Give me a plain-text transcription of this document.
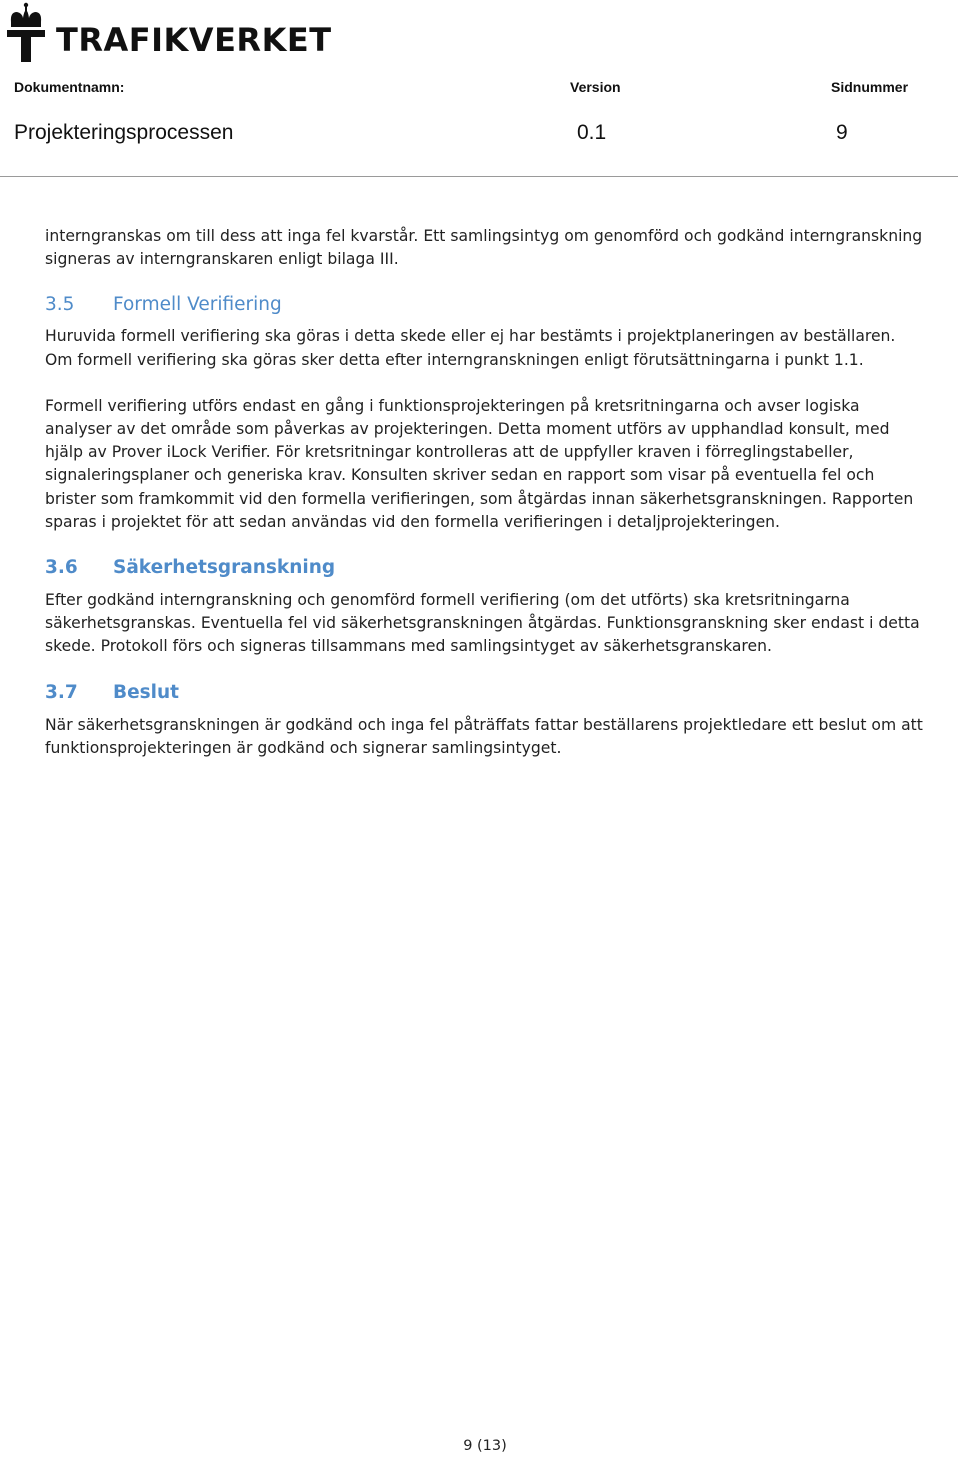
TRAFIKVERKET
Dokumentnamn:	Version	Sidnummer
Projekteringsprocessen	0.1	9

interngranskas om till dess att inga fel kvarstår. Ett samlingsintyg om genomförd och godkänd interngranskning signeras av interngranskaren enligt bilaga III.

3.5	Formell Verifiering

Huruvida formell verifiering ska göras i detta skede eller ej har bestämts i projektplaneringen av beställaren. Om formell verifiering ska göras sker detta efter interngranskningen enligt förutsättningarna i punkt 1.1.

Formell verifiering utförs endast en gång i funktionsprojekteringen på kretsritningarna och avser logiska analyser av det område som påverkas av projekteringen. Detta moment utförs av upphandlad konsult, med hjälp av Prover iLock Verifier. För kretsritningar kontrolleras att de uppfyller kraven i förreglingstabeller, signaleringsplaner och generiska krav. Konsulten skriver sedan en rapport som visar på eventuella fel och brister som framkommit vid den formella verifieringen, som åtgärdas innan säkerhetsgranskningen. Rapporten sparas i projektet för att sedan användas vid den formella verifieringen i detaljprojekteringen.

3.6	Säkerhetsgranskning

Efter godkänd interngranskning och genomförd formell verifiering (om det utförts) ska kretsritningarna säkerhetsgranskas. Eventuella fel vid säkerhetsgranskningen åtgärdas. Funktionsgranskning sker endast i detta skede. Protokoll förs och signeras tillsammans med samlingsintyget av säkerhetsgranskaren.

3.7	Beslut

När säkerhetsgranskningen är godkänd och inga fel påträffats fattar beställarens projektledare ett beslut om att funktionsprojekteringen är godkänd och signerar samlingsintyget.

9 (13)
